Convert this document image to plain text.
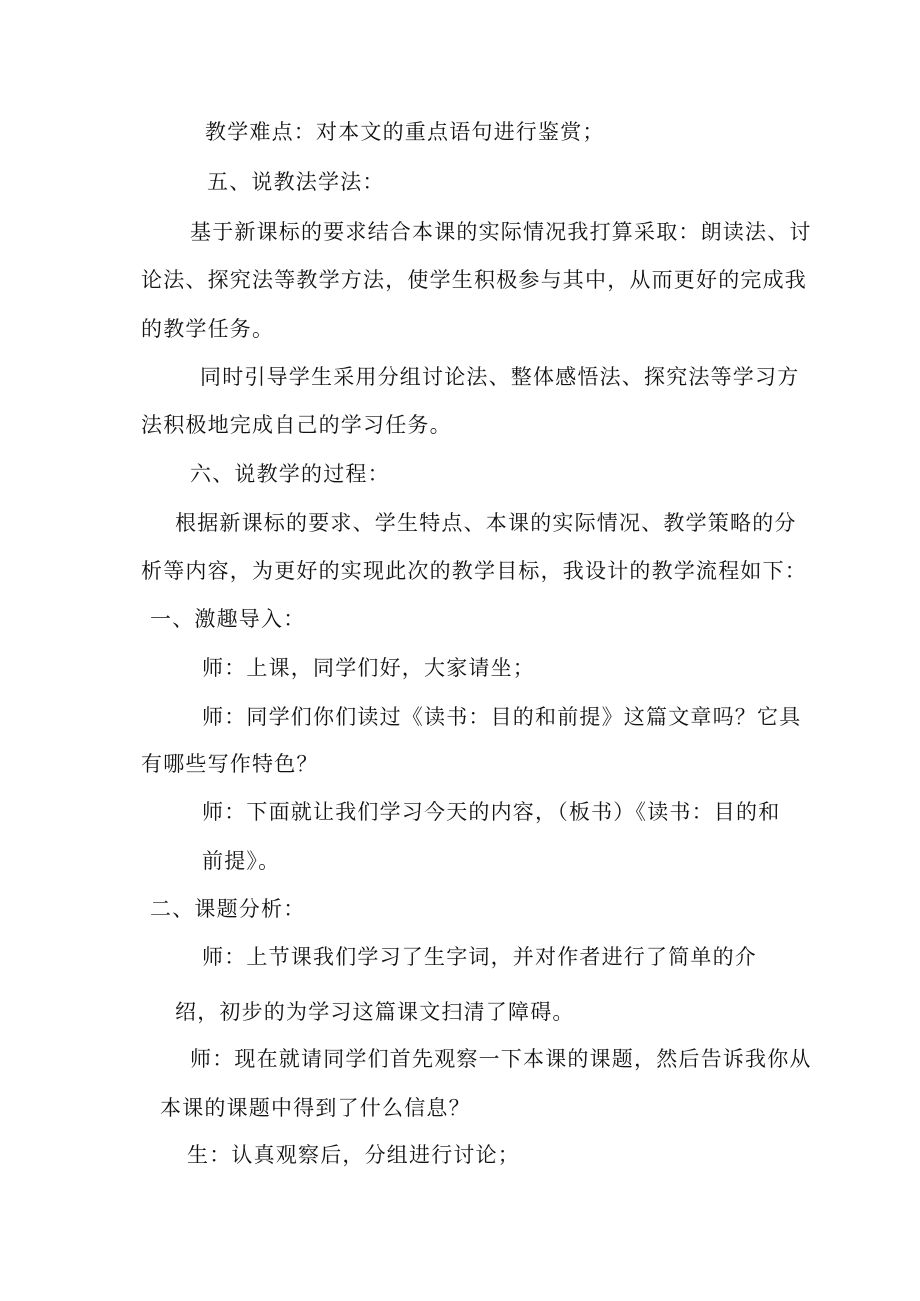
教学难点：对本文的重点语句进行鉴赏；
五、说教法学法：
基于新课标的要求结合本课的实际情况我打算采取：朗读法、讨
论法、探究法等教学方法，使学生积极参与其中，从而更好的完成我
的教学任务。
同时引导学生采用分组讨论法、整体感悟法、探究法等学习方
法积极地完成自己的学习任务。
六、说教学的过程：
根据新课标的要求、学生特点、本课的实际情况、教学策略的分
析等内容，为更好的实现此次的教学目标，我设计的教学流程如下：
一、激趣导入：
师：上课，同学们好，大家请坐；
师：同学们你们读过《读书：目的和前提》这篇文章吗？它具
有哪些写作特色？
师：下面就让我们学习今天的内容，（板书）《读书：目的和
前提》。
二、课题分析：
师：上节课我们学习了生字词，并对作者进行了简单的介
绍，初步的为学习这篇课文扫清了障碍。
师：现在就请同学们首先观察一下本课的课题，然后告诉我你从
本课的课题中得到了什么信息？
生：认真观察后，分组进行讨论；
